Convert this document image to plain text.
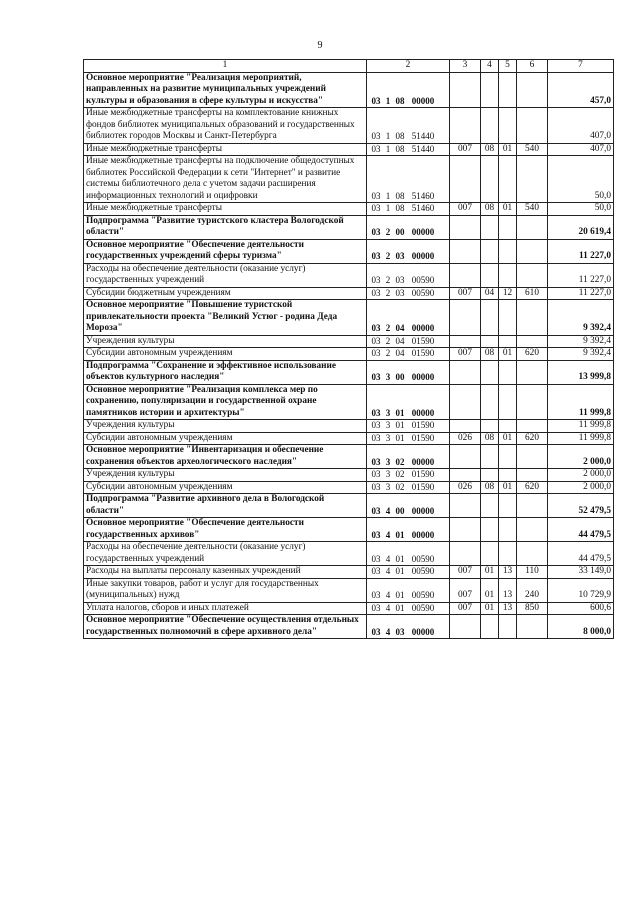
9
1	2	3	4	5	6	7
Основное мероприятие "Реализация мероприятий, направленных на развитие муниципальных учреждений культуры и образования в сфере культуры и искусства"	03 1 08 00000					457,0
Иные межбюджетные трансферты на комплектование книжных фондов библиотек муниципальных образований и государственных библиотек городов Москвы и Санкт-Петербурга	03 1 08 51440					407,0
Иные межбюджетные трансферты	03 1 08 51440	007	08	01	540	407,0
Иные межбюджетные трансферты на подключение общедоступных библиотек Российской Федерации к сети "Интернет" и развитие системы библиотечного дела с учетом задачи расширения информационных технологий и оцифровки	03 1 08 51460					50,0
Иные межбюджетные трансферты	03 1 08 51460	007	08	01	540	50,0
Подпрограмма "Развитие туристского кластера Вологодской области"	03 2 00 00000					20 619,4
Основное мероприятие "Обеспечение деятельности государственных учреждений сферы туризма"	03 2 03 00000					11 227,0
Расходы на обеспечение деятельности (оказание услуг) государственных учреждений	03 2 03 00590					11 227,0
Субсидии бюджетным учреждениям	03 2 03 00590	007	04	12	610	11 227,0
Основное мероприятие "Повышение туристской привлекательности проекта "Великий Устюг - родина Деда Мороза"	03 2 04 00000					9 392,4
Учреждения культуры	03 2 04 01590					9 392,4
Субсидии автономным учреждениям	03 2 04 01590	007	08	01	620	9 392,4
Подпрограмма "Сохранение и эффективное использование объектов культурного наследия"	03 3 00 00000					13 999,8
Основное мероприятие "Реализация комплекса мер по сохранению, популяризации и государственной охране памятников истории и архитектуры"	03 3 01 00000					11 999,8
Учреждения культуры	03 3 01 01590					11 999,8
Субсидии автономным учреждениям	03 3 01 01590	026	08	01	620	11 999,8
Основное мероприятие "Инвентаризация и обеспечение сохранения объектов археологического наследия"	03 3 02 00000					2 000,0
Учреждения культуры	03 3 02 01590					2 000,0
Субсидии автономным учреждениям	03 3 02 01590	026	08	01	620	2 000,0
Подпрограмма "Развитие архивного дела в Вологодской области"	03 4 00 00000					52 479,5
Основное мероприятие "Обеспечение деятельности государственных архивов"	03 4 01 00000					44 479,5
Расходы на обеспечение деятельности (оказание услуг) государственных учреждений	03 4 01 00590					44 479,5
Расходы на выплаты персоналу казенных учреждений	03 4 01 00590	007	01	13	110	33 149,0
Иные закупки товаров, работ и услуг для государственных (муниципальных) нужд	03 4 01 00590	007	01	13	240	10 729,9
Уплата налогов, сборов и иных платежей	03 4 01 00590	007	01	13	850	600,6
Основное мероприятие "Обеспечение осуществления отдельных государственных полномочий в сфере архивного дела"	03 4 03 00000					8 000,0
